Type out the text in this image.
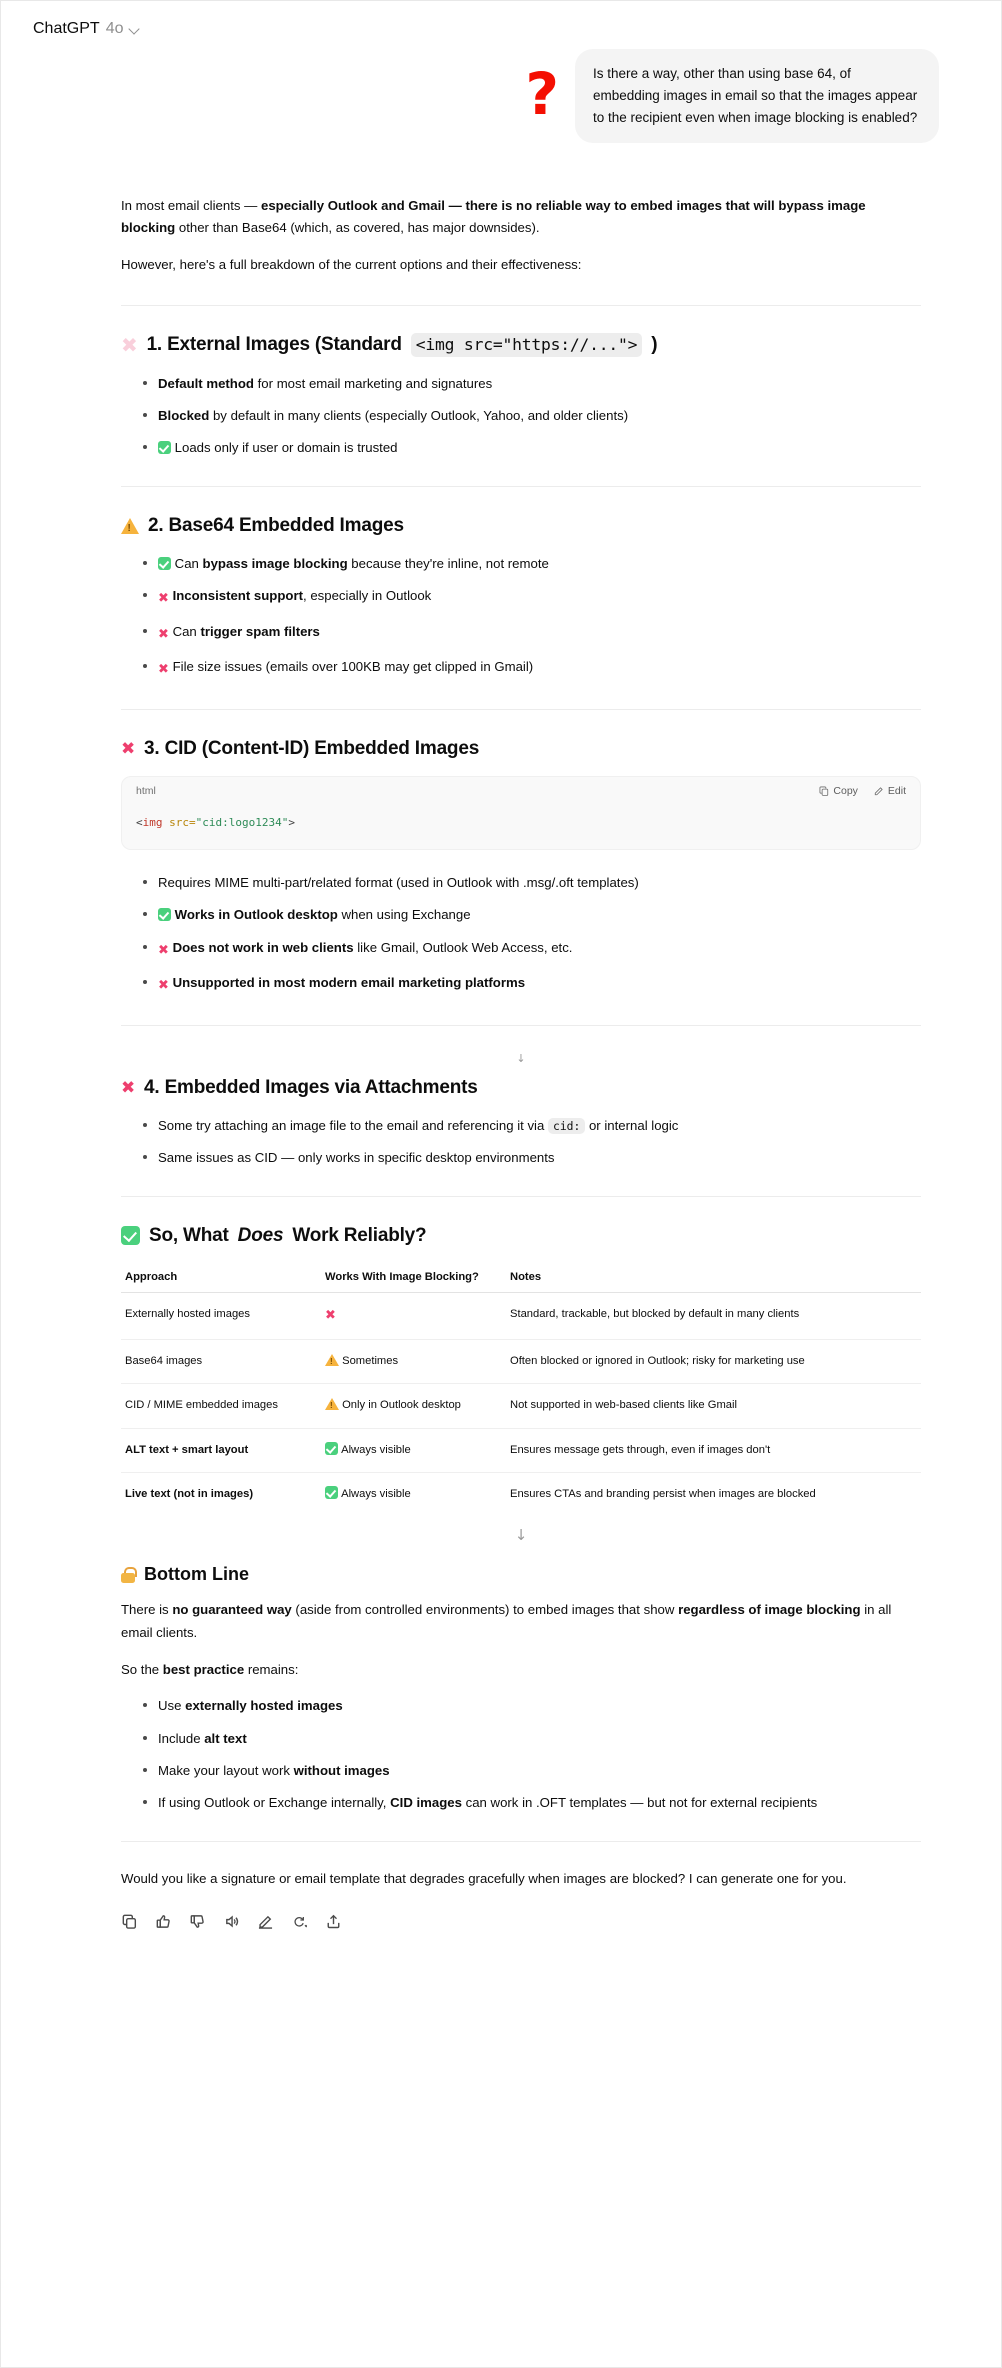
ChatGPT 4o
?	Is there a way, other than using base 64, of embedding images in email so that the images appear to the recipient even when image blocking is enabled?

In most email clients — especially Outlook and Gmail — there is no reliable way to embed images that will bypass image blocking other than Base64 (which, as covered, has major downsides).

However, here's a full breakdown of the current options and their effectiveness:

✖ 1. External Images (Standard <img src="https://..."> )
Default method for most email marketing and signatures
Blocked by default in many clients (especially Outlook, Yahoo, and older clients)
Loads only if user or domain is trusted
!
2. Base64 Embedded Images
Can bypass image blocking because they're inline, not remote
✖ Inconsistent support, especially in Outlook
✖ Can trigger spam filters
✖ File size issues (emails over 100KB may get clipped in Gmail)
✖ 3. CID (Content-ID) Embedded Images
html	Copy	Edit
<img src="cid:logo1234">
Requires MIME multi-part/related format (used in Outlook with .msg/.oft templates)
Works in Outlook desktop when using Exchange
✖ Does not work in web clients like Gmail, Outlook Web Access, etc.
✖ Unsupported in most modern email marketing platforms
↓
✖ 4. Embedded Images via Attachments
Some try attaching an image file to the email and referencing it via cid: or internal logic
Same issues as CID — only works in specific desktop environments
So, What Does Work Reliably?
Approach	Works With Image Blocking?	Notes
Externally hosted images	✖	Standard, trackable, but blocked by default in many clients
Base64 images	!Sometimes	Often blocked or ignored in Outlook; risky for marketing use
CID / MIME embedded images	!Only in Outlook desktop	Not supported in web-based clients like Gmail
ALT text + smart layout	Always visible	Ensures message gets through, even if images don't
Live text (not in images)	Always visible	Ensures CTAs and branding persist when images are blocked
↓
Bottom Line

There is no guaranteed way (aside from controlled environments) to embed images that show regardless of image blocking in all email clients.

So the best practice remains:

Use externally hosted images
Include alt text
Make your layout work without images
If using Outlook or Exchange internally, CID images can work in .OFT templates — but not for external recipients

Would you like a signature or email template that degrades gracefully when images are blocked? I can generate one for you.
